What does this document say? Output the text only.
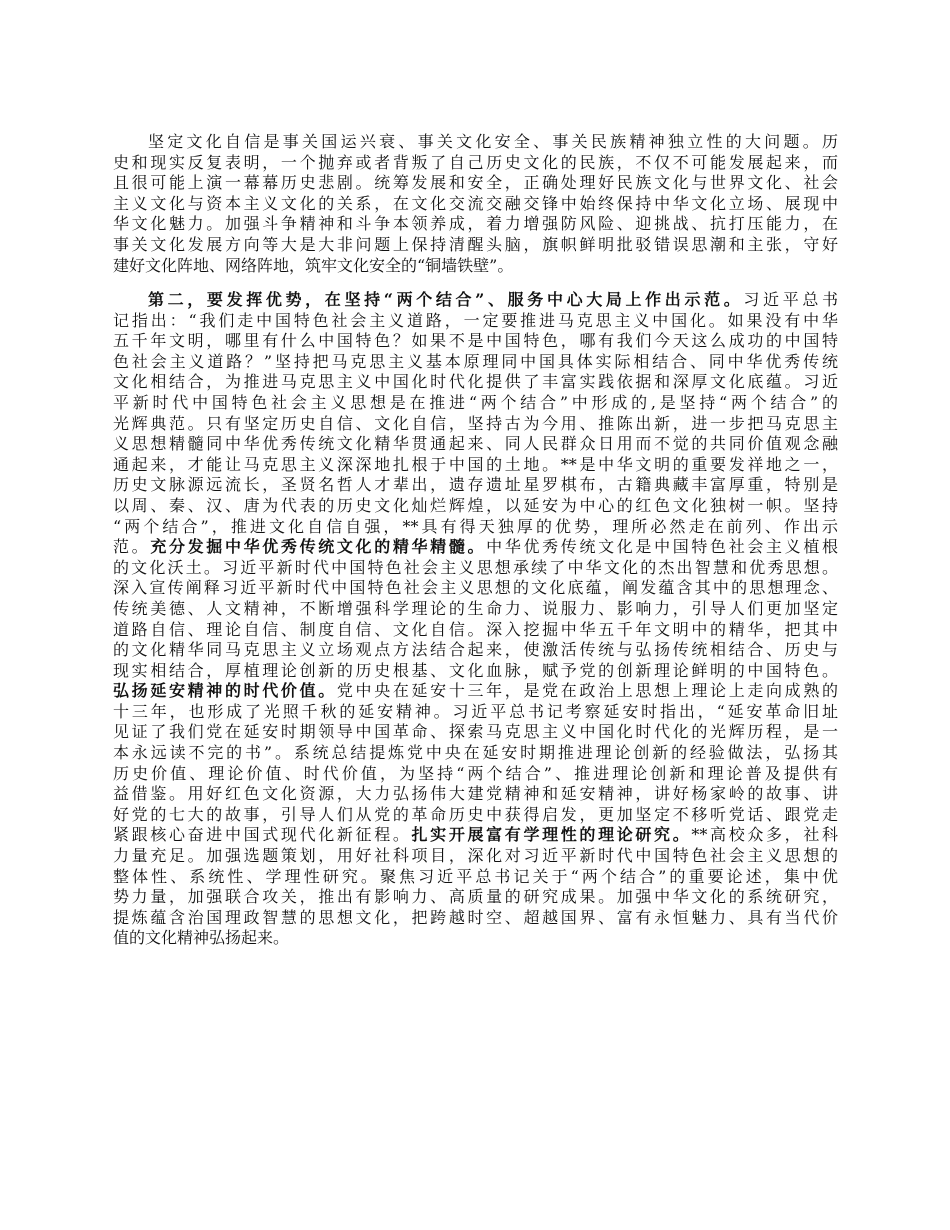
坚定文化自信是事关国运兴衰、事关文化安全、事关民族精神独立性的大问题。历
史和现实反复表明，一个抛弃或者背叛了自己历史文化的民族，不仅不可能发展起来，而
且很可能上演一幕幕历史悲剧。统筹发展和安全，正确处理好民族文化与世界文化、社会
主义文化与资本主义文化的关系，在文化交流交融交锋中始终保持中华文化立场、展现中
华文化魅力。加强斗争精神和斗争本领养成，着力增强防风险、迎挑战、抗打压能力，在
事关文化发展方向等大是大非问题上保持清醒头脑，旗帜鲜明批驳错误思潮和主张，守好
建好文化阵地、网络阵地，筑牢文化安全的“铜墙铁壁”。
第二，要发挥优势，在坚持“两个结合”、服务中心大局上作出示范。习近平总书
记指出：“我们走中国特色社会主义道路，一定要推进马克思主义中国化。如果没有中华
五千年文明，哪里有什么中国特色？如果不是中国特色，哪有我们今天这么成功的中国特
色社会主义道路？”坚持把马克思主义基本原理同中国具体实际相结合、同中华优秀传统
文化相结合，为推进马克思主义中国化时代化提供了丰富实践依据和深厚文化底蕴。习近
平新时代中国特色社会主义思想是在推进“两个结合”中形成的,是坚持“两个结合”的
光辉典范。只有坚定历史自信、文化自信，坚持古为今用、推陈出新，进一步把马克思主
义思想精髓同中华优秀传统文化精华贯通起来、同人民群众日用而不觉的共同价值观念融
通起来，才能让马克思主义深深地扎根于中国的土地。**是中华文明的重要发祥地之一，
历史文脉源远流长，圣贤名哲人才辈出，遗存遗址星罗棋布，古籍典藏丰富厚重，特别是
以周、秦、汉、唐为代表的历史文化灿烂辉煌，以延安为中心的红色文化独树一帜。坚持
“两个结合”，推进文化自信自强，**具有得天独厚的优势，理所必然走在前列、作出示
范。充分发掘中华优秀传统文化的精华精髓。中华优秀传统文化是中国特色社会主义植根
的文化沃土。习近平新时代中国特色社会主义思想承续了中华文化的杰出智慧和优秀思想。
深入宣传阐释习近平新时代中国特色社会主义思想的文化底蕴，阐发蕴含其中的思想理念、
传统美德、人文精神，不断增强科学理论的生命力、说服力、影响力，引导人们更加坚定
道路自信、理论自信、制度自信、文化自信。深入挖掘中华五千年文明中的精华，把其中
的文化精华同马克思主义立场观点方法结合起来，使激活传统与弘扬传统相结合、历史与
现实相结合，厚植理论创新的历史根基、文化血脉，赋予党的创新理论鲜明的中国特色。
弘扬延安精神的时代价值。党中央在延安十三年，是党在政治上思想上理论上走向成熟的
十三年，也形成了光照千秋的延安精神。习近平总书记考察延安时指出，“延安革命旧址
见证了我们党在延安时期领导中国革命、探索马克思主义中国化时代化的光辉历程，是一
本永远读不完的书”。系统总结提炼党中央在延安时期推进理论创新的经验做法，弘扬其
历史价值、理论价值、时代价值，为坚持“两个结合”、推进理论创新和理论普及提供有
益借鉴。用好红色文化资源，大力弘扬伟大建党精神和延安精神，讲好杨家岭的故事、讲
好党的七大的故事，引导人们从党的革命历史中获得启发，更加坚定不移听党话、跟党走
紧跟核心奋进中国式现代化新征程。扎实开展富有学理性的理论研究。**高校众多，社科
力量充足。加强选题策划，用好社科项目，深化对习近平新时代中国特色社会主义思想的
整体性、系统性、学理性研究。聚焦习近平总书记关于“两个结合”的重要论述，集中优
势力量，加强联合攻关，推出有影响力、高质量的研究成果。加强中华文化的系统研究，
提炼蕴含治国理政智慧的思想文化，把跨越时空、超越国界、富有永恒魅力、具有当代价
值的文化精神弘扬起来。
